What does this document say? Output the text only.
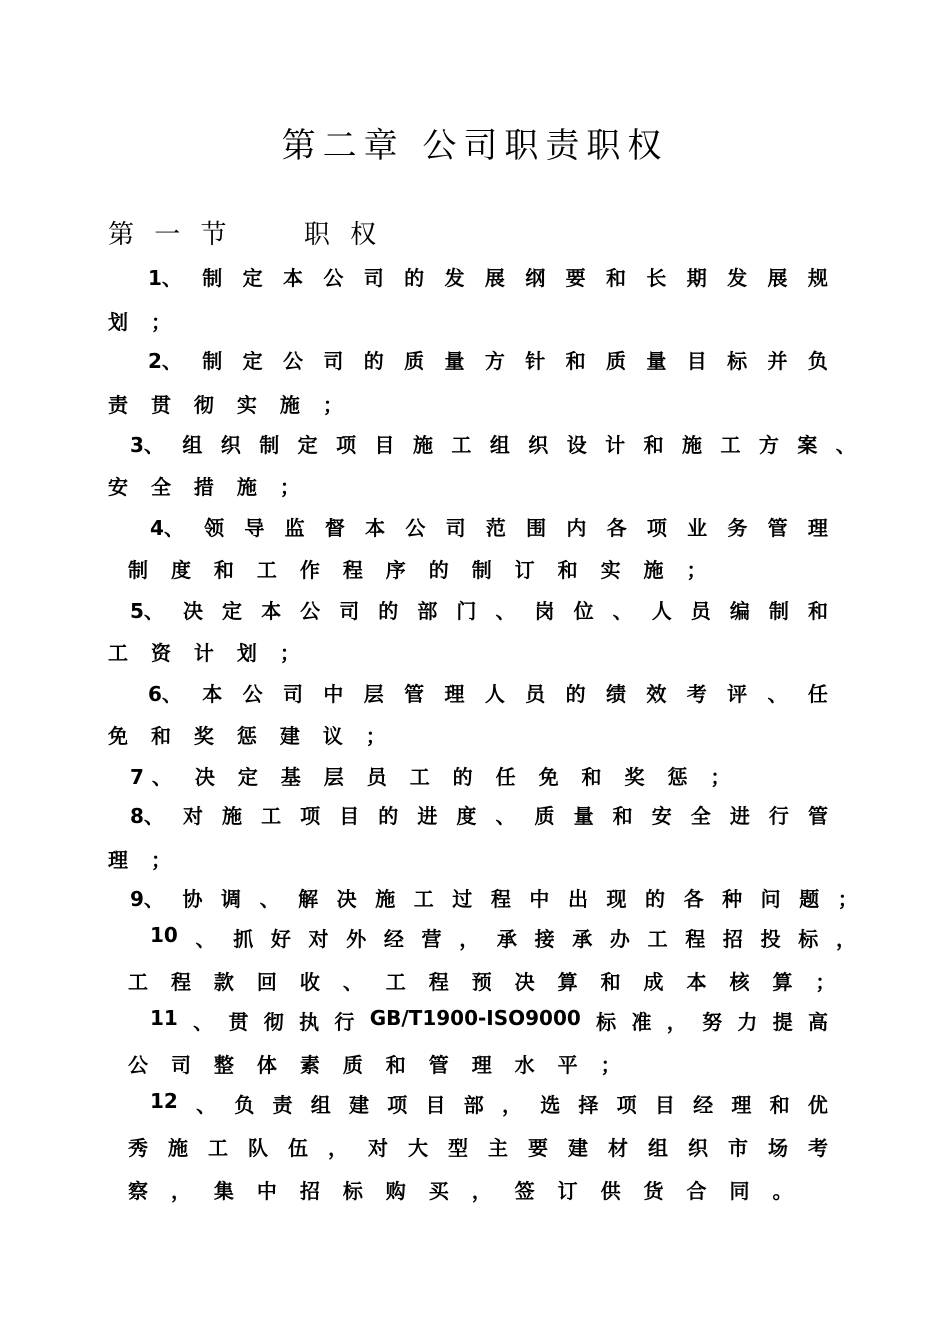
第二章 公司职责职权
第 一 节     职 权
1、 制 定 本 公 司 的 发 展 纲 要 和 长 期 发 展 规
划 ；
2、 制 定 公 司 的 质 量 方 针 和 质 量 目 标 并 负
责 贯 彻 实 施 ；
3、 组 织 制 定 项 目 施 工 组 织 设 计 和 施 工 方 案 、
安 全 措 施 ；
4、 领 导 监 督 本 公 司 范 围 内 各 项 业 务 管 理
制 度 和 工 作 程 序 的 制 订 和 实 施 ；
5、 决 定 本 公 司 的 部 门 、 岗 位 、 人 员 编 制 和
工 资 计 划 ；
6、 本 公 司 中 层 管 理 人 员 的 绩 效 考 评 、 任
免 和 奖 惩 建 议 ；
7、 决 定 基 层 员 工 的 任 免 和 奖 惩 ；
8、 对 施 工 项 目 的 进 度 、 质 量 和 安 全 进 行 管
理 ；
9、 协 调 、 解 决 施 工 过 程 中 出 现 的 各 种 问 题 ；
10 、 抓 好 对 外 经 营 ， 承 接 承 办 工 程 招 投 标 ，
工 程 款 回 收 、 工 程 预 决 算 和 成 本 核 算 ；
11 、 贯 彻 执 行 GB/T1900-ISO9000 标 准 ， 努 力 提 高
公 司 整 体 素 质 和 管 理 水 平 ；
12 、 负 责 组 建 项 目 部 ， 选 择 项 目 经 理 和 优
秀 施 工 队 伍 ， 对 大 型 主 要 建 材 组 织 市 场 考
察 ， 集 中 招 标 购 买 ， 签 订 供 货 合 同 。
